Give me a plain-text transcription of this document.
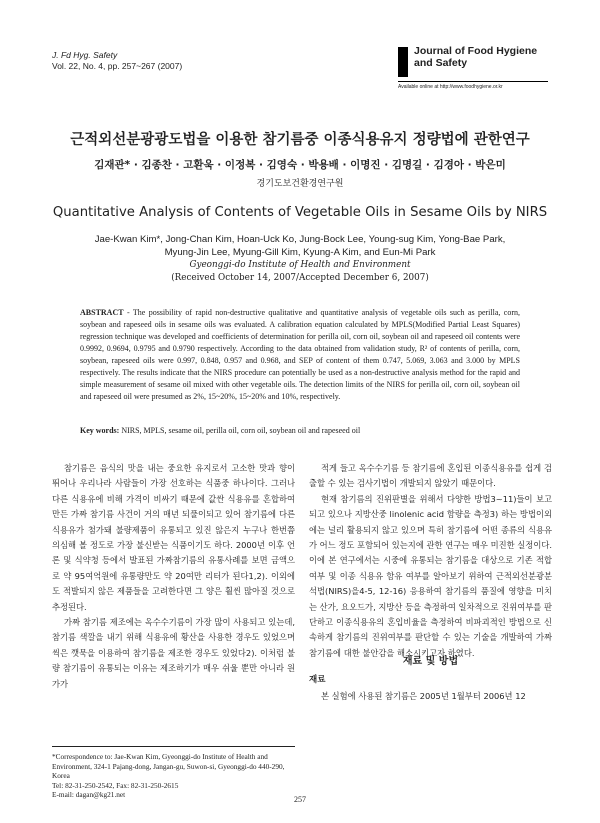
J. Fd Hyg. Safety
Vol. 22, No. 4, pp. 257~267 (2007)
Journal of Food Hygiene
and Safety
Available online at http://www.foodhygiene.or.kr
근적외선분광광도법을 이용한 참기름중 이종식용유지 정량법에 관한연구
김재관* · 김종찬 · 고환욱 · 이정복 · 김영숙 · 박용배 · 이명진 · 김명길 · 김경아 · 박은미
경기도보건환경연구원
Quantitative Analysis of Contents of Vegetable Oils in Sesame Oils by NIRS
Jae-Kwan Kim*, Jong-Chan Kim, Hoan-Uck Ko, Jung-Bock Lee, Young-sug Kim, Yong-Bae Park,
Myung-Jin Lee, Myung-Gill Kim, Kyung-A Kim, and Eun-Mi Park
Gyeonggi-do Institute of Health and Environment
(Received October 14, 2007/Accepted December 6, 2007)
ABSTRACT - The possibility of rapid non-destructive qualitative and quantitative analysis of vegetable oils such as perilla, corn, soybean and rapeseed oils in sesame oils was evaluated. A calibration equation calculated by MPLS(Modified Partial Least Squares) regression technique was developed and coefficients of determination for perilla oil, corn oil, soybean oil and rapeseed oil contents were 0.9992, 0.9694, 0.9795 and 0.9790 respectively. According to the data obtained from validation study, R² of contents of perilla, corn, soybean, rapeseed oils were 0.997, 0.848, 0.957 and 0.968, and SEP of content of them 0.747, 5.069, 3.063 and 3.000 by MPLS respectively. The results indicate that the NIRS procedure can potentially be used as a non-destructive analysis method for the rapid and simple measurement of sesame oil mixed with other vegetable oils. The detection limits of the NIRS for perilla oil, corn oil, soybean oil and rapeseed oil were presumed as 2%, 15~20%, 15~20% and 10%, respectively.
Key words: NIRS, MPLS, sesame oil, perilla oil, corn oil, soybean oil and rapeseed oil

참기름은 음식의 맛을 내는 중요한 유지로서 고소한 맛과 향이 뛰어나 우리나라 사람들이 가장 선호하는 식품중 하나이다. 그러나 다른 식용유에 비해 가격이 비싸기 때문에 값싼 식용유를 혼합하여 만든 가짜 참기름 사건이 거의 매년 되풀이되고 있어 참기름에 다른 식용유가 첨가돼 불량제품이 유통되고 있진 않은지 누구나 한번쯤 의심해 볼 정도로 가장 불신받는 식품이기도 하다. 2000년 이후 언론 및 식약청 등에서 발표된 가짜참기름의 유통사례를 보면 금액으로 약 95여억원에 유통량만도 약 20여만 리터가 된다1,2). 이외에도 적발되지 않은 제품들을 고려한다면 그 양은 훨씬 많아질 것으로 추정된다.

가짜 참기름 제조에는 옥수수기름이 가장 많이 사용되고 있는데, 참기름 색깔을 내기 위해 식용유에 황산을 사용한 경우도 있었으며 씩은 깻묵을 이용하여 참기름을 제조한 경우도 있었다2). 이처럼 불량 참기름이 유통되는 이유는 제조하기가 매우 쉬울 뿐만 아니라 원가가

적게 들고 옥수수기름 등 참기름에 혼입된 이종식용유를 쉽게 검출할 수 있는 검사기법이 개발되지 않았기 때문이다.

현재 참기름의 진위판별을 위해서 다양한 방법3~11)들이 보고되고 있으나 지방산중 linolenic acid 함량을 측정3) 하는 방법이외에는 널리 활용되지 않고 있으며 특히 참기름에 어떤 종류의 식용유가 어느 정도 포함되어 있는지에 관한 연구는 매우 미진한 실정이다. 이에 본 연구에서는 시중에 유통되는 참기름을 대상으로 기존 적합여부 및 이종 식용유 함유 여부를 알아보기 위하여 근적외선분광분석법(NIRS)을4-5, 12-16) 응용하여 참기름의 품질에 영향을 미치는 산가, 요오드가, 지방산 등을 측정하여 일차적으로 진위여부를 판단하고 이종식용유의 혼입비율을 측정하여 비파괴적인 방법으로 신속하게 참기름의 진위여부를 판단할 수 있는 기술을 개발하여 가짜 참기름에 대한 불안감을 해소시키고자 하였다.

재료 및 방법
재료
본 실험에 사용된 참기름은 2005년 1월부터 2006년 12
*Correspondence to: Jae-Kwan Kim, Gyeonggi-do Institute of Health and Environment, 324-1 Pajang-dong, Jangan-gu, Suwon-si, Gyeonggi-do 440-290, Korea
Tel: 82-31-250-2542, Fax: 82-31-250-2615
E-mail: dagan@kg21.net
257
